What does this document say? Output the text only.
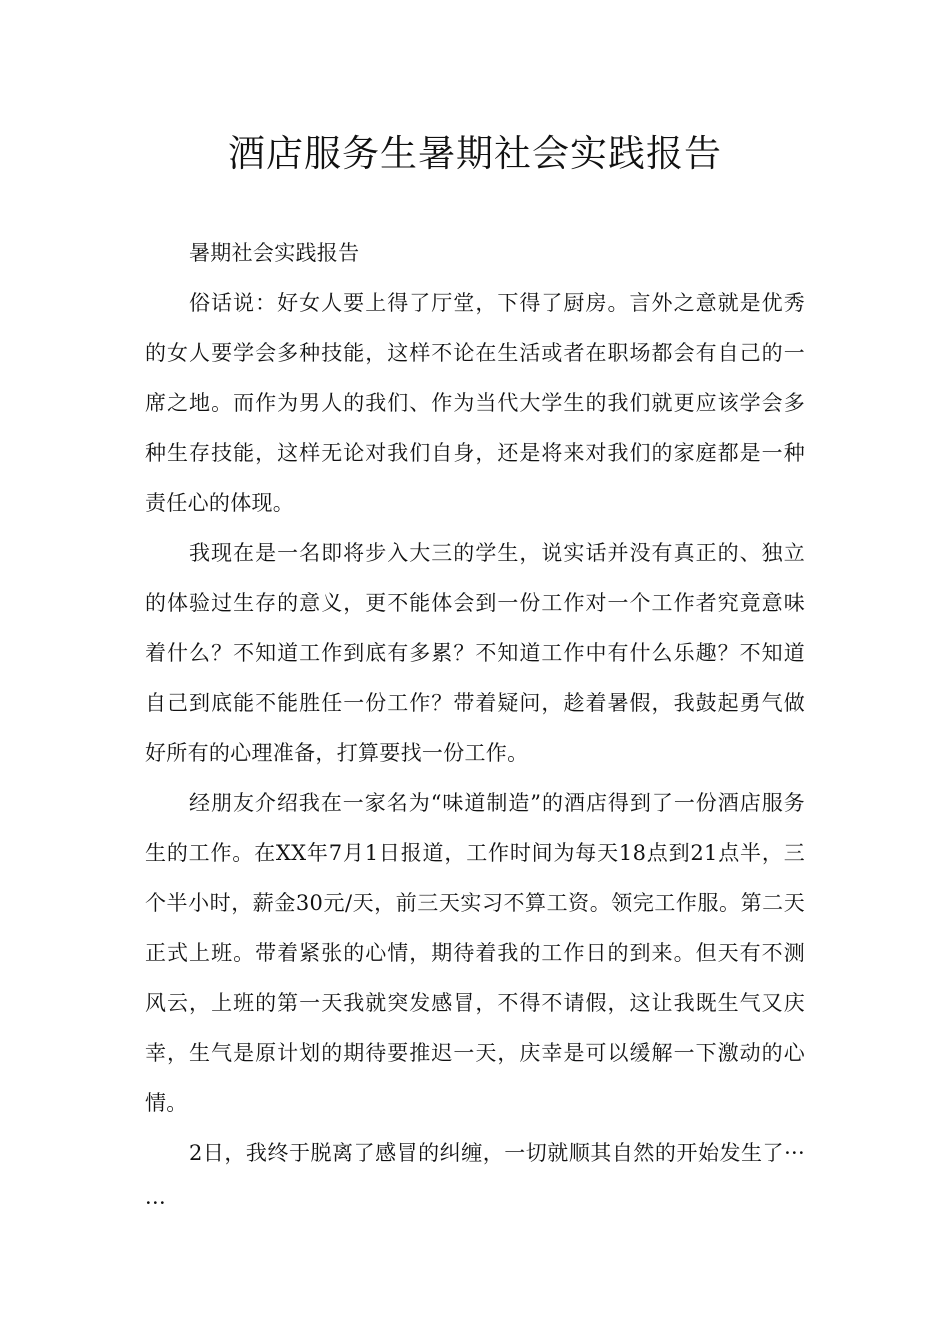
酒店服务生暑期社会实践报告

暑期社会实践报告

俗话说：好女人要上得了厅堂，下得了厨房。言外之意就是优秀的女人要学会多种技能，这样不论在生活或者在职场都会有自己的一席之地。而作为男人的我们、作为当代大学生的我们就更应该学会多种生存技能，这样无论对我们自身，还是将来对我们的家庭都是一种责任心的体现。

我现在是一名即将步入大三的学生，说实话并没有真正的、独立的体验过生存的意义，更不能体会到一份工作对一个工作者究竟意味着什么？不知道工作到底有多累？不知道工作中有什么乐趣？不知道自己到底能不能胜任一份工作？带着疑问，趁着暑假，我鼓起勇气做好所有的心理准备，打算要找一份工作。

经朋友介绍我在一家名为“味道制造”的酒店得到了一份酒店服务生的工作。在XX年7月1日报道，工作时间为每天18点到21点半，三个半小时，薪金30元/天，前三天实习不算工资。领完工作服。第二天正式上班。带着紧张的心情，期待着我的工作日的到来。但天有不测风云，上班的第一天我就突发感冒，不得不请假，这让我既生气又庆幸，生气是原计划的期待要推迟一天，庆幸是可以缓解一下激动的心情。

2日，我终于脱离了感冒的纠缠，一切就顺其自然的开始发生了······
